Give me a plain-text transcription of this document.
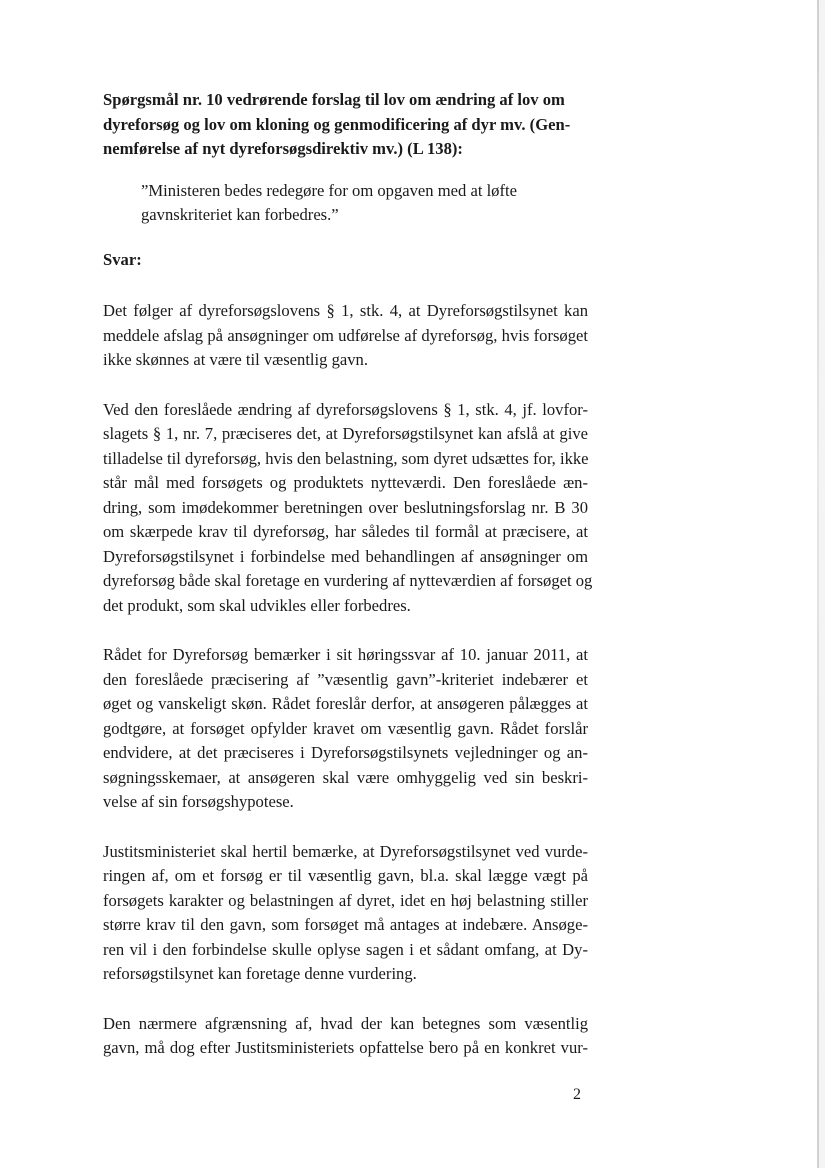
Spørgsmål nr. 10 vedrørende forslag til lov om ændring af lov om
dyreforsøg og lov om kloning og genmodificering af dyr mv. (Gen-
nemførelse af nyt dyreforsøgsdirektiv mv.) (L 138):
”Ministeren bedes redegøre for om opgaven med at løfte
gavnskriteriet kan forbedres.”
Svar:
Det følger af dyreforsøgslovens § 1, stk. 4, at Dyreforsøgstilsynet kan
meddele afslag på ansøgninger om udførelse af dyreforsøg, hvis forsøget
ikke skønnes at være til væsentlig gavn.
Ved den foreslåede ændring af dyreforsøgslovens § 1, stk. 4, jf. lovfor-
slagets § 1, nr. 7, præciseres det, at Dyreforsøgstilsynet kan afslå at give
tilladelse til dyreforsøg, hvis den belastning, som dyret udsættes for, ikke
står mål med forsøgets og produktets nytteværdi. Den foreslåede æn-
dring, som imødekommer beretningen over beslutningsforslag nr. B 30
om skærpede krav til dyreforsøg, har således til formål at præcisere, at
Dyreforsøgstilsynet i forbindelse med behandlingen af ansøgninger om
dyreforsøg både skal foretage en vurdering af nytteværdien af forsøget og
det produkt, som skal udvikles eller forbedres.
Rådet for Dyreforsøg bemærker i sit høringssvar af 10. januar 2011, at
den foreslåede præcisering af ”væsentlig gavn”-kriteriet indebærer et
øget og vanskeligt skøn. Rådet foreslår derfor, at ansøgeren pålægges at
godtgøre, at forsøget opfylder kravet om væsentlig gavn. Rådet forslår
endvidere, at det præciseres i Dyreforsøgstilsynets vejledninger og an-
søgningsskemaer, at ansøgeren skal være omhyggelig ved sin beskri-
velse af sin forsøgshypotese.
Justitsministeriet skal hertil bemærke, at Dyreforsøgstilsynet ved vurde-
ringen af, om et forsøg er til væsentlig gavn, bl.a. skal lægge vægt på
forsøgets karakter og belastningen af dyret, idet en høj belastning stiller
større krav til den gavn, som forsøget må antages at indebære. Ansøge-
ren vil i den forbindelse skulle oplyse sagen i et sådant omfang, at Dy-
reforsøgstilsynet kan foretage denne vurdering.
Den nærmere afgrænsning af, hvad der kan betegnes som væsentlig
gavn, må dog efter Justitsministeriets opfattelse bero på en konkret vur-
2
